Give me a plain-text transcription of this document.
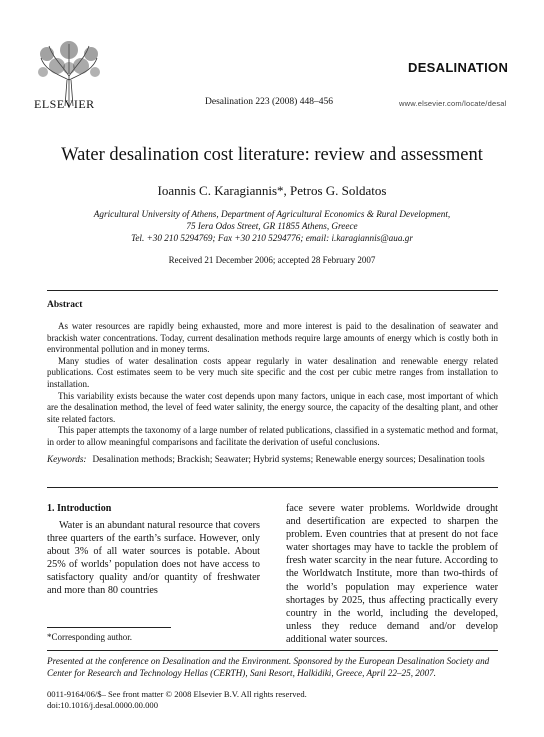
ELSEVIER
DESALINATION
Desalination 223 (2008) 448–456	www.elsevier.com/locate/desal
Water desalination cost literature: review and assessment
Ioannis C. Karagiannis*, Petros G. Soldatos
Agricultural University of Athens, Department of Agricultural Economics & Rural Development,
75 Iera Odos Street, GR 11855 Athens, Greece
Tel. +30 210 5294769; Fax +30 210 5294776; email: i.karagiannis@aua.gr
Received 21 December 2006; accepted 28 February 2007
Abstract

As water resources are rapidly being exhausted, more and more interest is paid to the desalination of seawater and brackish water concentrations. Today, current desalination methods require large amounts of energy which is costly both in environmental pollution and in money terms.

Many studies of water desalination costs appear regularly in water desalination and renewable energy related publications. Cost estimates seem to be very much site specific and the cost per cubic metre ranges from installation to installation.

This variability exists because the water cost depends upon many factors, unique in each case, most important of which are the desalination method, the level of feed water salinity, the energy source, the capacity of the desalting plant, and other site related factors.

This paper attempts the taxonomy of a large number of related publications, classified in a systematic method and format, in order to allow meaningful comparisons and facilitate the derivation of useful conclusions.

Keywords: Desalination methods; Brackish; Seawater; Hybrid systems; Renewable energy sources; Desalination tools
1. Introduction

Water is an abundant natural resource that covers three quarters of the earth’s surface. However, only about 3% of all water sources is potable. About 25% of worlds’ population does not have access to satisfactory quality and/or quantity of freshwater and more than 80 countries

face severe water problems. Worldwide drought and desertification are expected to sharpen the problem. Even countries that at present do not face water shortages may have to tackle the problem of fresh water scarcity in the near future. According to the Worldwatch Institute, more than two-thirds of the world’s population may experience water shortages by 2025, thus affecting practically every country in the world, including the developed, unless they reduce demand and/or develop additional water sources.

*Corresponding author.
Presented at the conference on Desalination and the Environment. Sponsored by the European Desalination Society and Center for Research and Technology Hellas (CERTH), Sani Resort, Halkidiki, Greece, April 22–25, 2007.
0011-9164/06/$– See front matter © 2008 Elsevier B.V. All rights reserved.
doi:10.1016/j.desal.0000.00.000
